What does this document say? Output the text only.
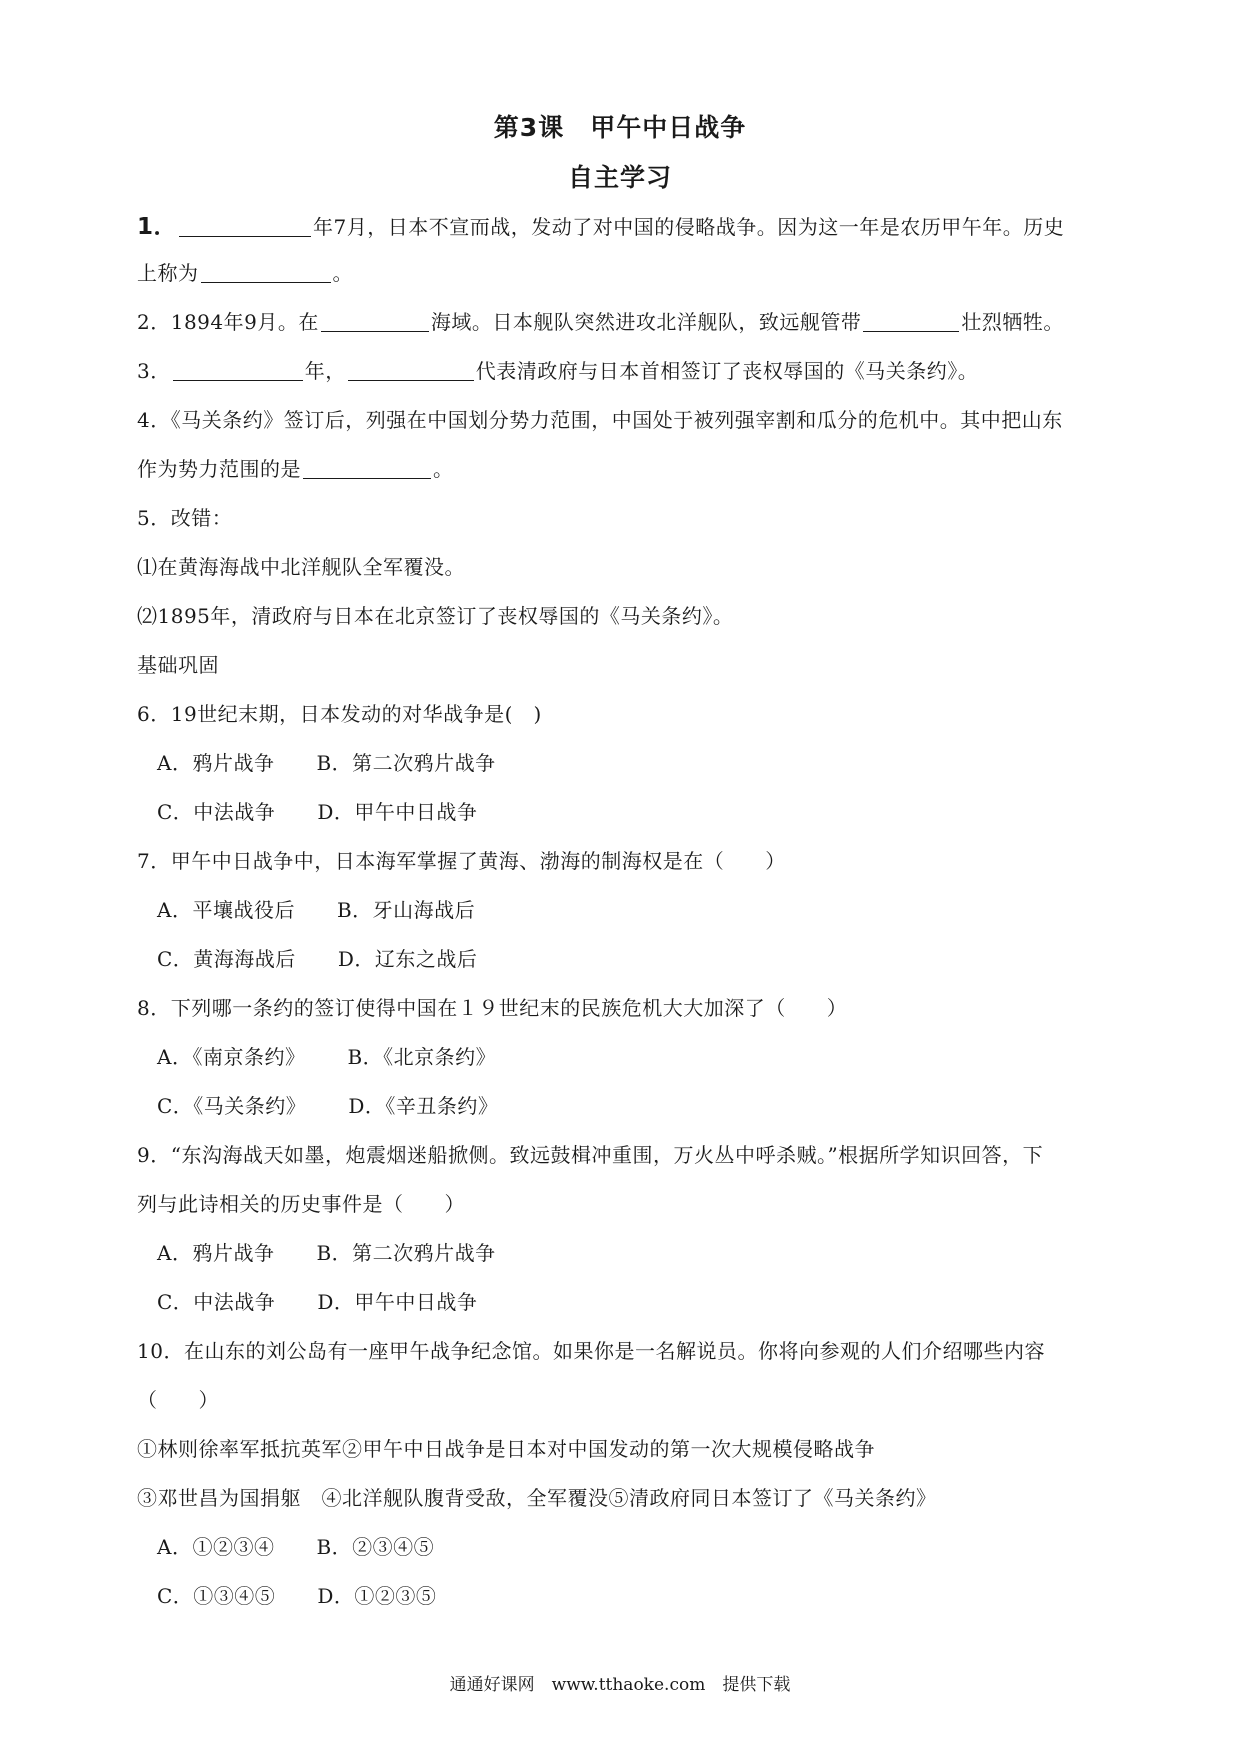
第3课　甲午中日战争
自主学习
1．	年7月，日本不宣而战，发动了对中国的侵略战争。因为这一年是农历甲午年。历史
上称为	。
2．1894年9月。在	海域。日本舰队突然进攻北洋舰队，致远舰管带	壮烈牺牲。
3．	年，	代表清政府与日本首相签订了丧权辱国的《马关条约》。
4．《马关条约》签订后，列强在中国划分势力范围，中国处于被列强宰割和瓜分的危机中。其中把山东
作为势力范围的是	。
5．改错：
⑴在黄海海战中北洋舰队全军覆没。
⑵1895年，清政府与日本在北京签订了丧权辱国的《马关条约》。
基础巩固
6．19世纪末期，日本发动的对华战争是(　)
A．鸦片战争 B．第二次鸦片战争
C．中法战争 D．甲午中日战争
7．甲午中日战争中，日本海军掌握了黄海、渤海的制海权是在（　　）
A．平壤战役后 B．牙山海战后
C．黄海海战后 D．辽东之战后
8．下列哪一条约的签订使得中国在１９世纪末的民族危机大大加深了（　　）
A．《南京条约》 B．《北京条约》
C．《马关条约》 D．《辛丑条约》
9．“东沟海战天如墨，炮震烟迷船掀侧。致远鼓楫冲重围，万火丛中呼杀贼。”根据所学知识回答，下
列与此诗相关的历史事件是（　　）
A．鸦片战争 B．第二次鸦片战争
C．中法战争 D．甲午中日战争
10．在山东的刘公岛有一座甲午战争纪念馆。如果你是一名解说员。你将向参观的人们介绍哪些内容
（　　）
①林则徐率军抵抗英军②甲午中日战争是日本对中国发动的第一次大规模侵略战争
③邓世昌为国捐躯　④北洋舰队腹背受敌，全军覆没⑤清政府同日本签订了《马关条约》
A．①②③④ B．②③④⑤
C．①③④⑤ D．①②③⑤
通通好课网　www.tthaoke.com　提供下载
